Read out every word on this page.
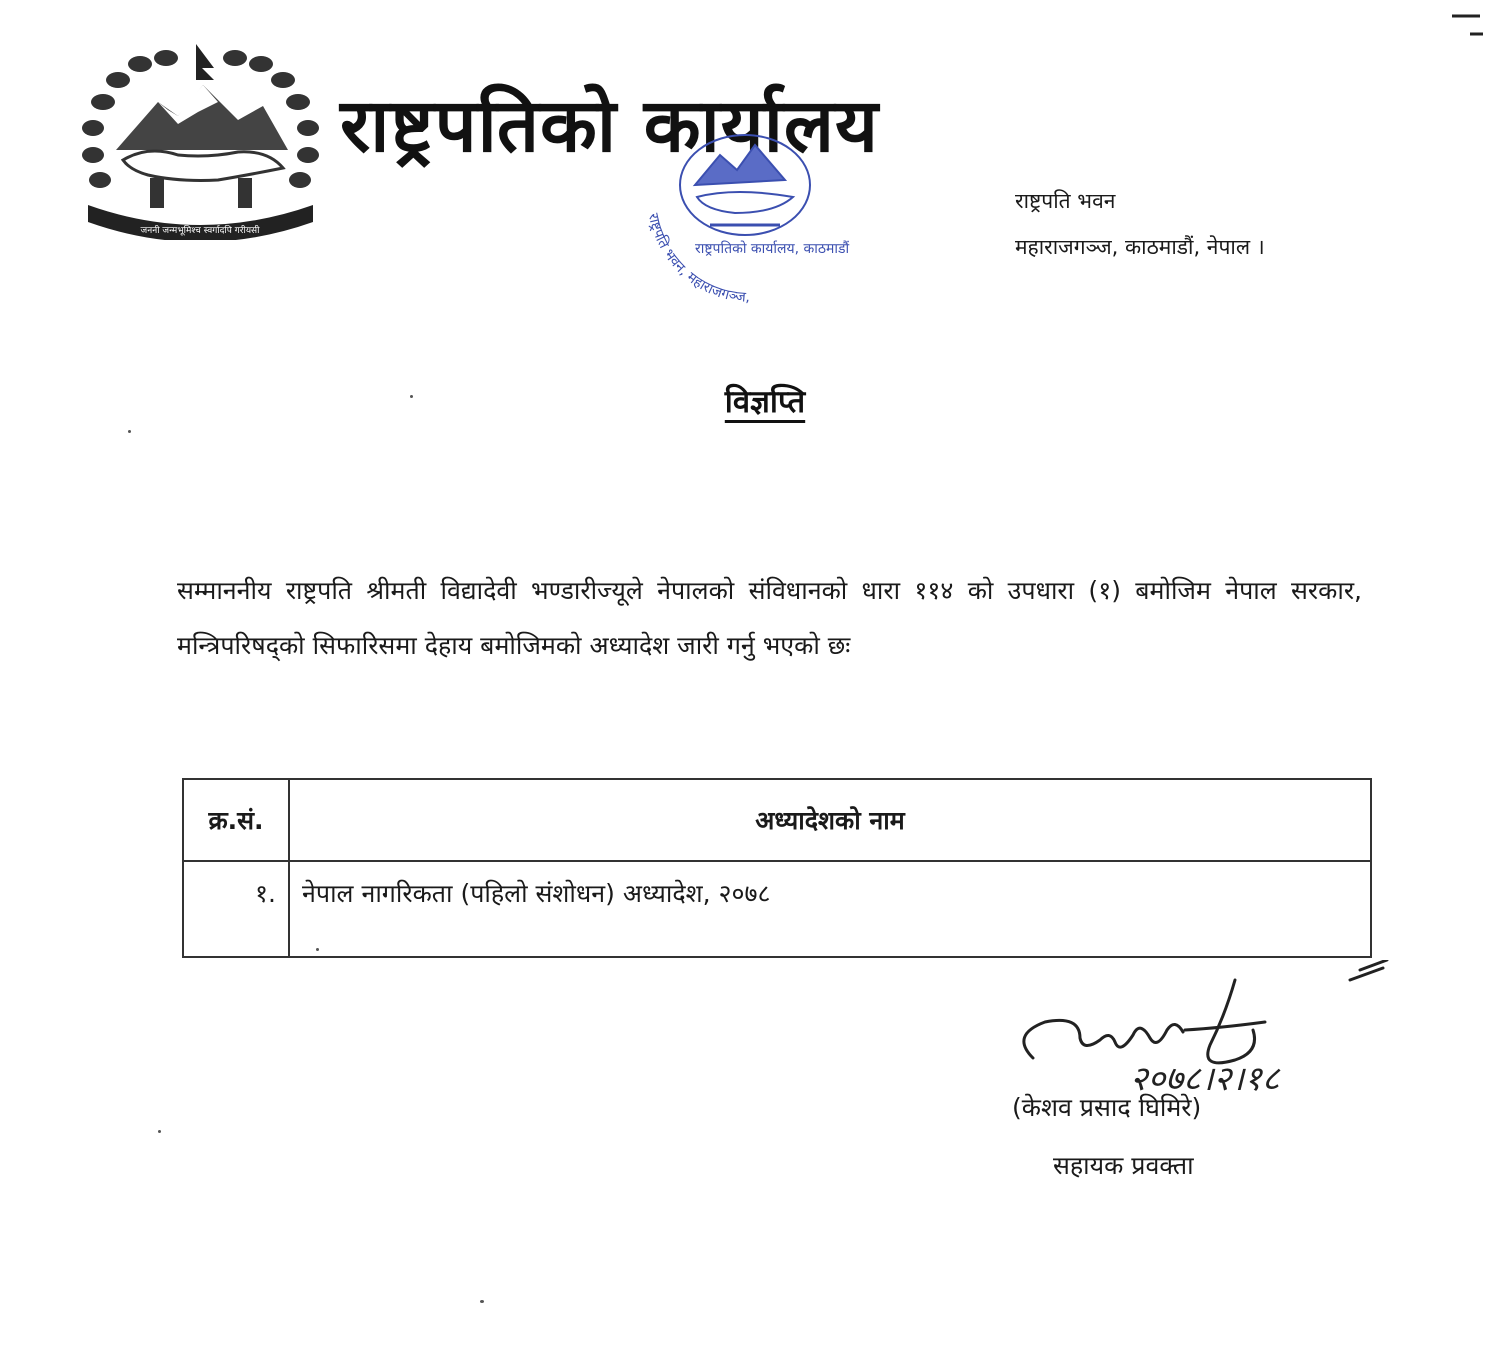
जननी जन्मभूमिश्च स्वर्गादपि गरीयसी
राष्ट्रपतिको कार्यालय
राष्ट्रपति भवन, महाराजगञ्ज,
राष्ट्रपतिको कार्यालय, काठमाडौं
राष्ट्रपति भवन
महाराजगञ्ज, काठमाडौं, नेपाल ।
विज्ञप्ति
सम्माननीय राष्ट्रपति श्रीमती विद्यादेवी भण्डारीज्यूले नेपालको संविधानको धारा ११४ को उपधारा (१) बमोजिम नेपाल सरकार, मन्त्रिपरिषद्को सिफारिसमा देहाय बमोजिमको अध्यादेश जारी गर्नु भएको छः
क्र.सं.	अध्यादेशको नाम
१.	नेपाल नागरिकता (पहिलो संशोधन) अध्यादेश, २०७८
२०७८।२।१८
(केशव प्रसाद घिमिरे)
सहायक प्रवक्ता
